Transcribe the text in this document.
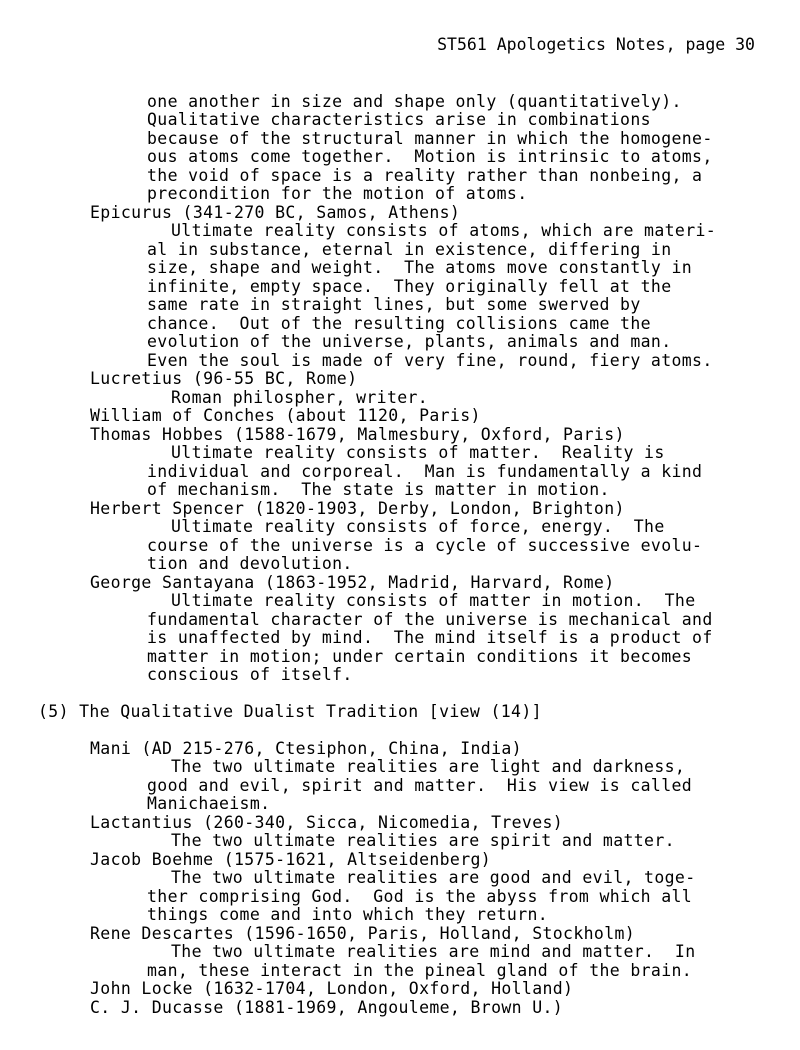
ST561 Apologetics Notes, page 30
one another in size and shape only (quantitatively).
Qualitative characteristics arise in combinations
because of the structural manner in which the homogene-
ous atoms come together.  Motion is intrinsic to atoms,
the void of space is a reality rather than nonbeing, a
precondition for the motion of atoms.
Epicurus (341-270 BC, Samos, Athens)
Ultimate reality consists of atoms, which are materi-
al in substance, eternal in existence, differing in
size, shape and weight.  The atoms move constantly in
infinite, empty space.  They originally fell at the
same rate in straight lines, but some swerved by
chance.  Out of the resulting collisions came the
evolution of the universe, plants, animals and man.
Even the soul is made of very fine, round, fiery atoms.
Lucretius (96-55 BC, Rome)
Roman philospher, writer.
William of Conches (about 1120, Paris)
Thomas Hobbes (1588-1679, Malmesbury, Oxford, Paris)
Ultimate reality consists of matter.  Reality is
individual and corporeal.  Man is fundamentally a kind
of mechanism.  The state is matter in motion.
Herbert Spencer (1820-1903, Derby, London, Brighton)
Ultimate reality consists of force, energy.  The
course of the universe is a cycle of successive evolu-
tion and devolution.
George Santayana (1863-1952, Madrid, Harvard, Rome)
Ultimate reality consists of matter in motion.  The
fundamental character of the universe is mechanical and
is unaffected by mind.  The mind itself is a product of
matter in motion; under certain conditions it becomes
conscious of itself.
(5) The Qualitative Dualist Tradition [view (14)]
Mani (AD 215-276, Ctesiphon, China, India)
The two ultimate realities are light and darkness,
good and evil, spirit and matter.  His view is called
Manichaeism.
Lactantius (260-340, Sicca, Nicomedia, Treves)
The two ultimate realities are spirit and matter.
Jacob Boehme (1575-1621, Altseidenberg)
The two ultimate realities are good and evil, toge-
ther comprising God.  God is the abyss from which all
things come and into which they return.
Rene Descartes (1596-1650, Paris, Holland, Stockholm)
The two ultimate realities are mind and matter.  In
man, these interact in the pineal gland of the brain.
John Locke (1632-1704, London, Oxford, Holland)
C. J. Ducasse (1881-1969, Angouleme, Brown U.)
